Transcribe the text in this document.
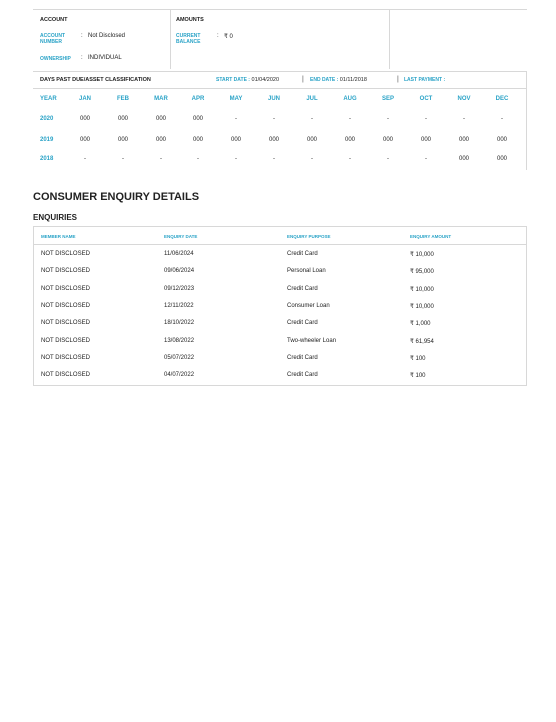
ACCOUNT	AMOUNTS
ACCOUNT
NUMBER
: Not Disclosed
OWNERSHIP : INDIVIDUAL
CURRENT
BALANCE
: ₹ 0
DAYS PAST DUE/ASSET CLASSIFICATION	START DATE : 01/04/2020	| END DATE : 01/11/2018	| LAST PAYMENT :
YEAR	JAN	FEB	MAR	APR	MAY	JUN	JUL	AUG	SEP	OCT	NOV	DEC
2020	000	000	000	000	-	-	-	-	-	-	-	-
2019	000	000	000	000	000	000	000	000	000	000	000	000
2018	-	-	-	-	-	-	-	-	-	-	000	000
CONSUMER ENQUIRY DETAILS
ENQUIRIES
MEMBER NAME	ENQUIRY DATE	ENQUIRY PURPOSE	ENQUIRY AMOUNT
NOT DISCLOSED	11/06/2024	Credit Card	₹ 10,000
NOT DISCLOSED	09/06/2024	Personal Loan	₹ 95,000
NOT DISCLOSED	09/12/2023	Credit Card	₹ 10,000
NOT DISCLOSED	12/11/2022	Consumer Loan	₹ 10,000
NOT DISCLOSED	18/10/2022	Credit Card	₹ 1,000
NOT DISCLOSED	13/08/2022	Two-wheeler Loan	₹ 61,954
NOT DISCLOSED	05/07/2022	Credit Card	₹ 100
NOT DISCLOSED	04/07/2022	Credit Card	₹ 100
